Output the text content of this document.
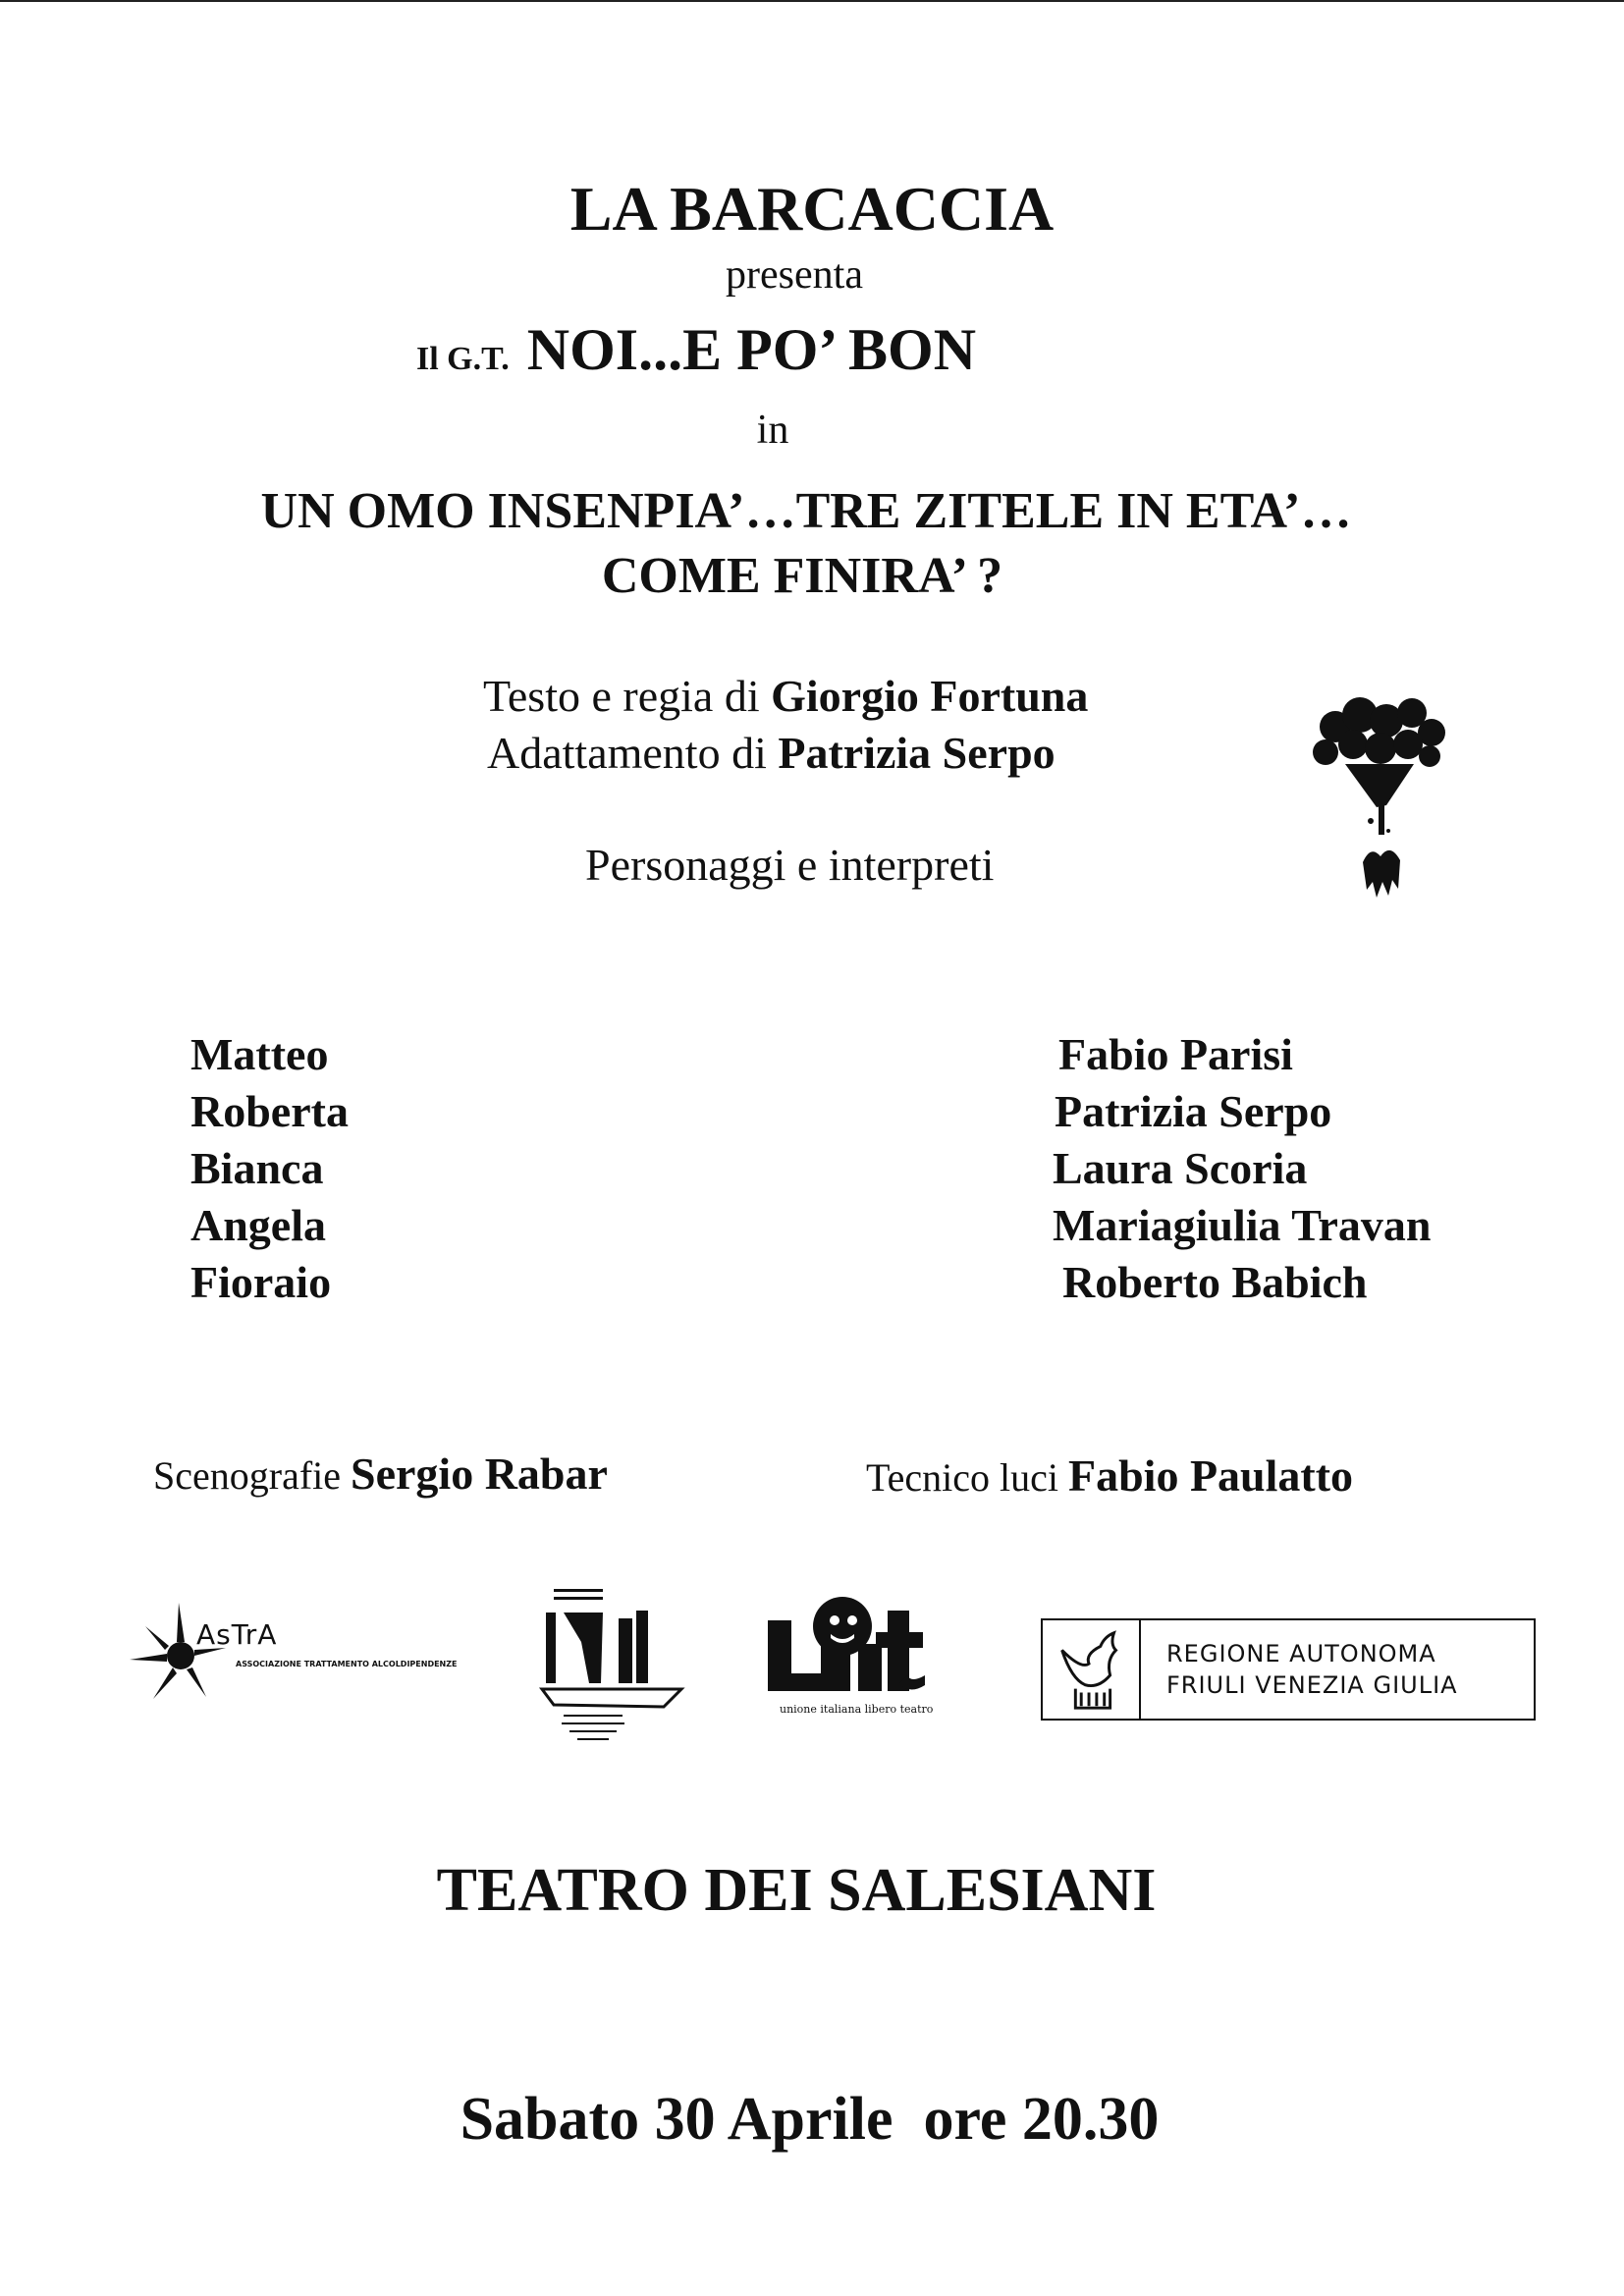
LA BARCACCIA
presenta
Il G.T. NOI...E PO’ BON
in
UN OMO INSENPIA’…TRE ZITELE IN ETA’…
COME FINIRA’ ?
Testo e regia di Giorgio Fortuna
Adattamento di Patrizia Serpo
Personaggi e interpreti
Matteo
Roberta
Bianca
Angela
Fioraio
Fabio Parisi
Patrizia Serpo
Laura Scoria
Mariagiulia Travan
Roberto Babich
Scenografie Sergio Rabar	Tecnico luci Fabio Paulatto
AsTrA
ASSOCIAZIONE TRATTAMENTO ALCOLDIPENDENZE
unione italiana libero teatro
REGIONE AUTONOMA
FRIULI VENEZIA GIULIA
TEATRO DEI SALESIANI

Sabato 30 Aprile  ore 20.30
